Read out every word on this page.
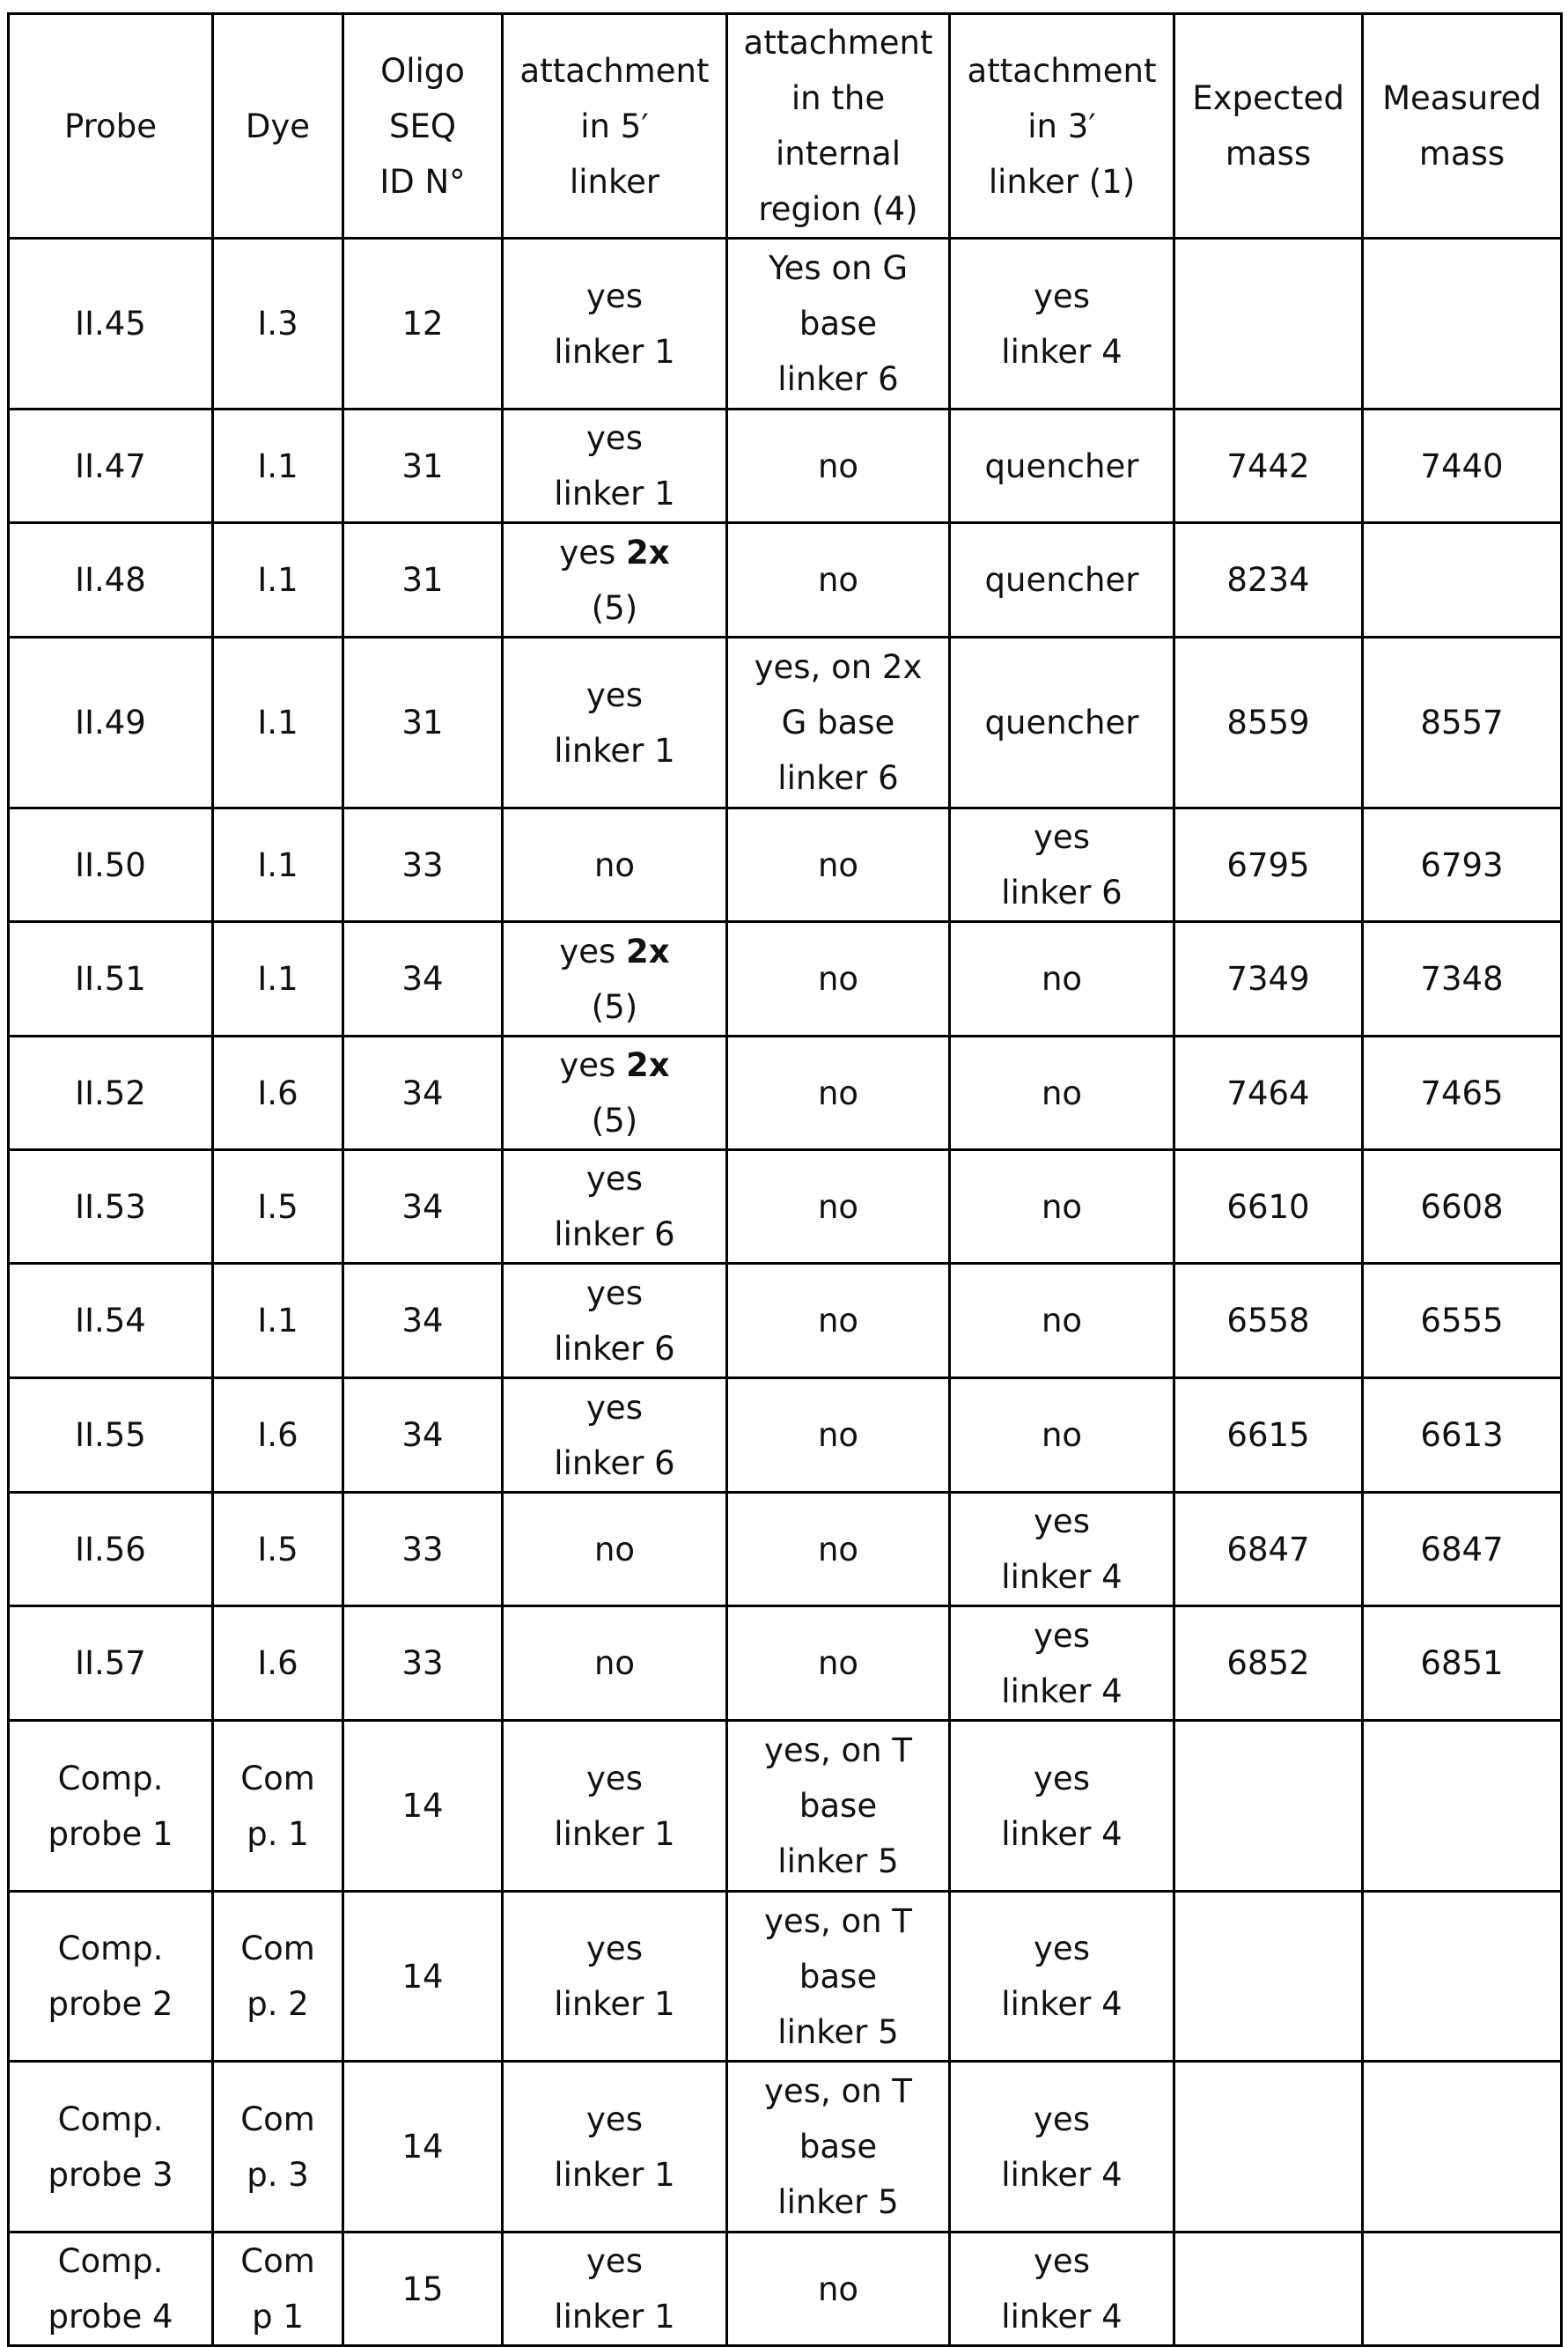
Probe	Dye	Oligo
SEQ
ID N°	attachment
in 5′
linker	attachment
in the
internal
region (4)	attachment
in 3′
linker (1)	Expected
mass	Measured
mass
II.45	I.3	12	yes
linker 1	Yes on G
base
linker 6	yes
linker 4		
II.47	I.1	31	yes
linker 1	no	quencher	7442	7440
II.48	I.1	31	yes 2x
(5)	no	quencher	8234	
II.49	I.1	31	yes
linker 1	yes, on 2x
G base
linker 6	quencher	8559	8557
II.50	I.1	33	no	no	yes
linker 6	6795	6793
II.51	I.1	34	yes 2x
(5)	no	no	7349	7348
II.52	I.6	34	yes 2x
(5)	no	no	7464	7465
II.53	I.5	34	yes
linker 6	no	no	6610	6608
II.54	I.1	34	yes
linker 6	no	no	6558	6555
II.55	I.6	34	yes
linker 6	no	no	6615	6613
II.56	I.5	33	no	no	yes
linker 4	6847	6847
II.57	I.6	33	no	no	yes
linker 4	6852	6851
Comp.
probe 1	Com
p. 1	14	yes
linker 1	yes, on T
base
linker 5	yes
linker 4		
Comp.
probe 2	Com
p. 2	14	yes
linker 1	yes, on T
base
linker 5	yes
linker 4		
Comp.
probe 3	Com
p. 3	14	yes
linker 1	yes, on T
base
linker 5	yes
linker 4		
Comp.
probe 4	Com
p 1	15	yes
linker 1	no	yes
linker 4		
